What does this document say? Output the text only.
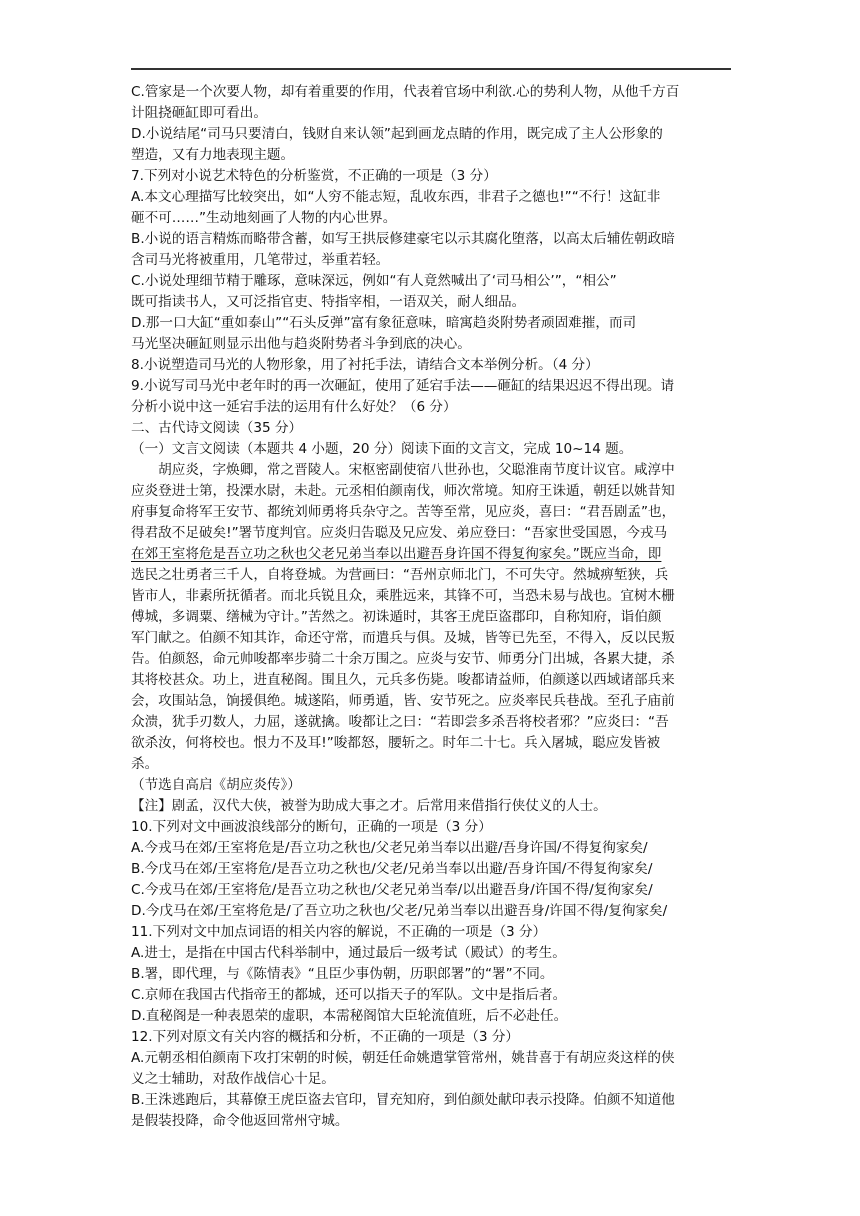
C.管家是一个次要人物，却有着重要的作用，代表着官场中利欲.心的势利人物，从他千方百
计阻挠砸缸即可看出。
D.小说结尾“司马只要清白，钱财自来认领”起到画龙点睛的作用，既完成了主人公形象的
塑造，又有力地表现主题。
7.下列对小说艺术特色的分析鉴赏，不正确的一项是（3 分）
A.本文心理描写比较突出，如“人穷不能志短，乱收东西，非君子之德也!”“不行！这缸非
砸不可……”生动地刻画了人物的内心世界。
B.小说的语言精炼而略带含蓄，如写王拱辰修建豪宅以示其腐化堕落，以高太后辅佐朝政暗
含司马光将被重用，几笔带过，举重若轻。
C.小说处理细节精于雕琢，意味深远，例如“有人竟然喊出了‘司马相公’”，“相公”
既可指读书人，又可泛指官吏、特指宰相，一语双关，耐人细品。
D.那一口大缸“重如泰山”“石头反弹”富有象征意味，暗寓趋炎附势者顽固难摧，而司
马光坚决砸缸则显示出他与趋炎附势者斗争到底的决心。
8.小说塑造司马光的人物形象，用了衬托手法，请结合文本举例分析。（4 分）
9.小说写司马光中老年时的再一次砸缸，使用了延宕手法——砸缸的结果迟迟不得出现。请
分析小说中这一延宕手法的运用有什么好处？（6 分）
二、古代诗文阅读（35 分）
（一）文言文阅读（本题共 4 小题，20 分）阅读下面的文言文，完成 10~14 题。
　　胡应炎，字焕卿，常之晋陵人。宋枢密副使宿八世孙也，父聪淮南节度计议官。咸淳中
应炎登进士第，投溧水尉，未赴。元丞相伯颜南伐，师次常境。知府王诛遁，朝廷以姚昔知
府事复命将军王安节、都统刘师勇将兵杂守之。苦等至常，见应炎，喜曰：“君吾剧孟”也，
得君敌不足破矣!”署节度判官。应炎归告聪及兄应发、弟应登曰：“吾家世受国恩，今戎马
在郊王室将危是吾立功之秋也父老兄弟当奉以出避吾身许国不得复徇家矣。”既应当命，即
选民之壮勇者三千人，自将登城。为营画曰：“吾州京师北门，不可失守。然城痹堑狭，兵
皆市人，非素所抚循者。而北兵锐且众，乘胜远来，其锋不可，当恐未易与战也。宜树木栅
傅城，多调粟、缮械为守计。”苦然之。初诛遁时，其客王虎臣盗郡印，自称知府，诣伯颜
军门献之。伯颜不知其诈，命还守常，而遣兵与俱。及城，皆等已先至，不得入，反以民叛
告。伯颜怒，命元帅唆都率步骑二十余万围之。应炎与安节、师勇分门出城，各累大捷，杀
其将校甚众。功上，进直秘阁。围且久，元兵多伤毙。唆都请益师，伯颜遂以西域诸部兵来
会，攻围站急，饷援俱绝。城遂陷，师勇遁，皆、安节死之。应炎率民兵巷战。至孔子庙前
众溃，犹手刃数人，力屈，遂就擒。唆都让之曰：“若即尝多杀吾将校者邪？”应炎曰：“吾
欲杀汝，何将校也。恨力不及耳!”唆都怒，腰斩之。时年二十七。兵入屠城，聪应发皆被
杀。
（节选自高启《胡应炎传》）
【注】剧孟，汉代大侠，被誉为助成大事之才。后常用来借指行侠仗义的人士。
10.下列对文中画波浪线部分的断句，正确的一项是（3 分）
A.今戎马在郊/王室将危是/吾立功之秋也/父老兄弟当奉以出避/吾身许国/不得复徇家矣/
B.今戊马在郊/王室将危/是吾立功之秋也/父老/兄弟当奉以出避/吾身许国/不得复徇家矣/
C.今戎马在郊/王室将危/是吾立功之秋也/父老兄弟当奉/以出避吾身/许国不得/复徇家矣/
D.今戊马在郊/王室将危是/了吾立功之秋也/父老/兄弟当奉以出避吾身/许国不得/复徇家矣/
11.下列对文中加点词语的相关内容的解说，不正确的一项是（3 分）
A.进士，是指在中国古代科举制中，通过最后一级考试（殿试）的考生。
B.署，即代理，与《陈情表》“且臣少事伪朝，历职郎署”的“署”不同。
C.京师在我国古代指帝王的都城，还可以指天子的军队。文中是指后者。
D.直秘阁是一种表恩荣的虚职，本需秘阁馆大臣轮流值班，后不必赴任。
12.下列对原文有关内容的概括和分析，不正确的一项是（3 分）
A.元朝丞相伯颜南下攻打宋朝的时候，朝廷任命姚遣掌管常州，姚昔喜于有胡应炎这样的侠
义之士辅助，对敌作战信心十足。
B.王洙逃跑后，其幕僚王虎臣盗去官印，冒充知府，到伯颜处献印表示投降。伯颜不知道他
是假装投降，命令他返回常州守城。
